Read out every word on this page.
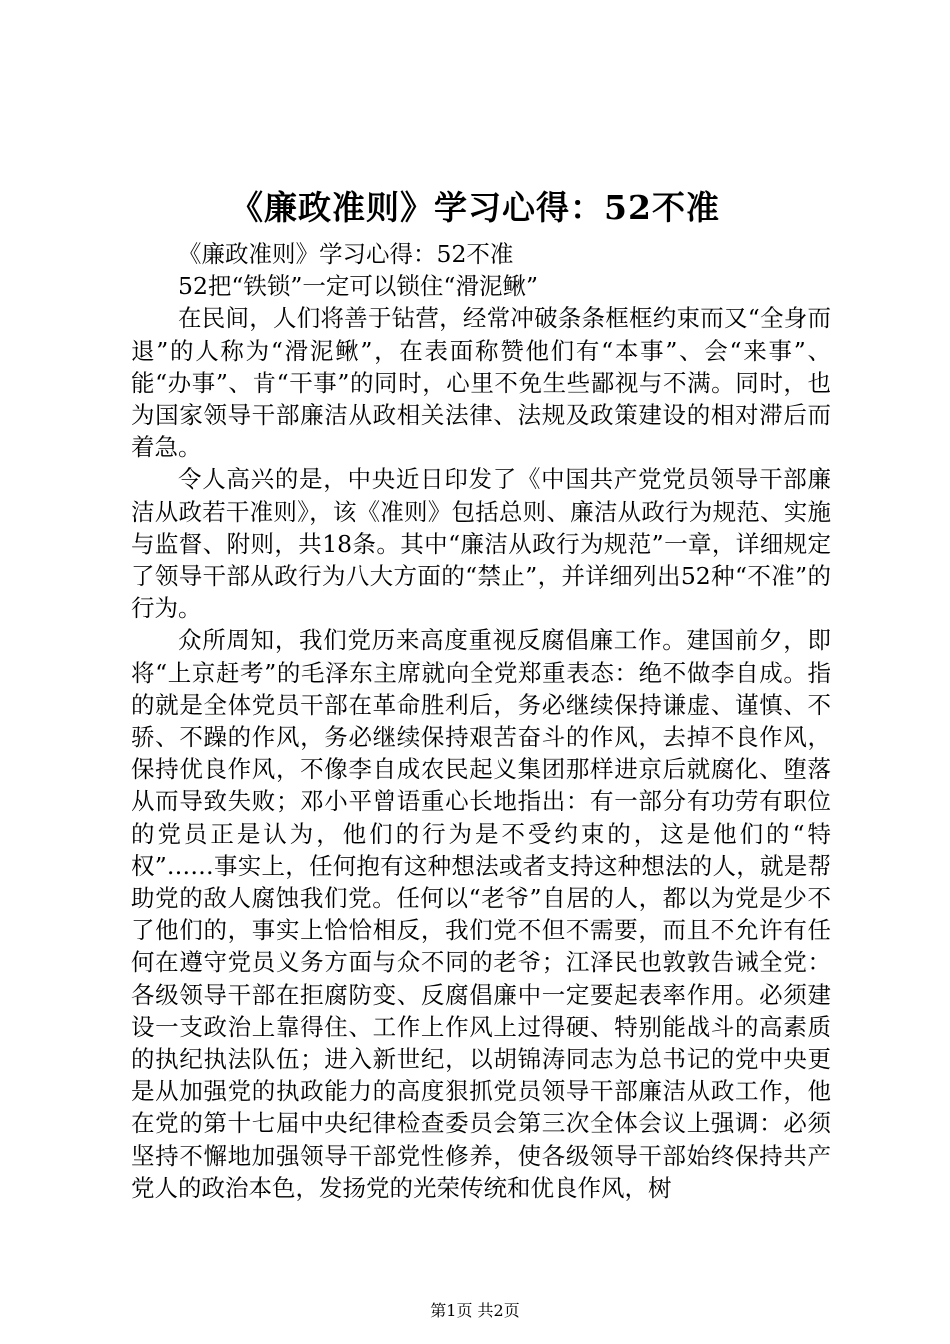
《廉政准则》学习心得：52不准

《廉政准则》学习心得：52不准

52把“铁锁”一定可以锁住“滑泥鳅”

在民间，人们将善于钻营，经常冲破条条框框约束而又“全身而退”的人称为“滑泥鳅”，在表面称赞他们有“本事”、会“来事”、能“办事”、肯“干事”的同时，心里不免生些鄙视与不满。同时，也为国家领导干部廉洁从政相关法律、法规及政策建设的相对滞后而着急。

令人高兴的是，中央近日印发了《中国共产党党员领导干部廉洁从政若干准则》，该《准则》包括总则、廉洁从政行为规范、实施与监督、附则，共18条。其中“廉洁从政行为规范”一章，详细规定了领导干部从政行为八大方面的“禁止”，并详细列出52种“不准”的行为。

众所周知，我们党历来高度重视反腐倡廉工作。建国前夕，即将“上京赶考”的毛泽东主席就向全党郑重表态：绝不做李自成。指的就是全体党员干部在革命胜利后，务必继续保持谦虚、谨慎、不骄、不躁的作风，务必继续保持艰苦奋斗的作风，去掉不良作风，保持优良作风，不像李自成农民起义集团那样进京后就腐化、堕落从而导致失败；邓小平曾语重心长地指出：有一部分有功劳有职位的党员正是认为，他们的行为是不受约束的，这是他们的“特权”……事实上，任何抱有这种想法或者支持这种想法的人，就是帮助党的敌人腐蚀我们党。任何以“老爷”自居的人，都以为党是少不了他们的，事实上恰恰相反，我们党不但不需要，而且不允许有任何在遵守党员义务方面与众不同的老爷；江泽民也敦敦告诫全党：各级领导干部在拒腐防变、反腐倡廉中一定要起表率作用。必须建设一支政治上靠得住、工作上作风上过得硬、特别能战斗的高素质的执纪执法队伍；进入新世纪，以胡锦涛同志为总书记的党中央更是从加强党的执政能力的高度狠抓党员领导干部廉洁从政工作，他在党的第十七届中央纪律检查委员会第三次全体会议上强调：必须坚持不懈地加强领导干部党性修养，使各级领导干部始终保持共产党人的政治本色，发扬党的光荣传统和优良作风，树

第1页 共2页
